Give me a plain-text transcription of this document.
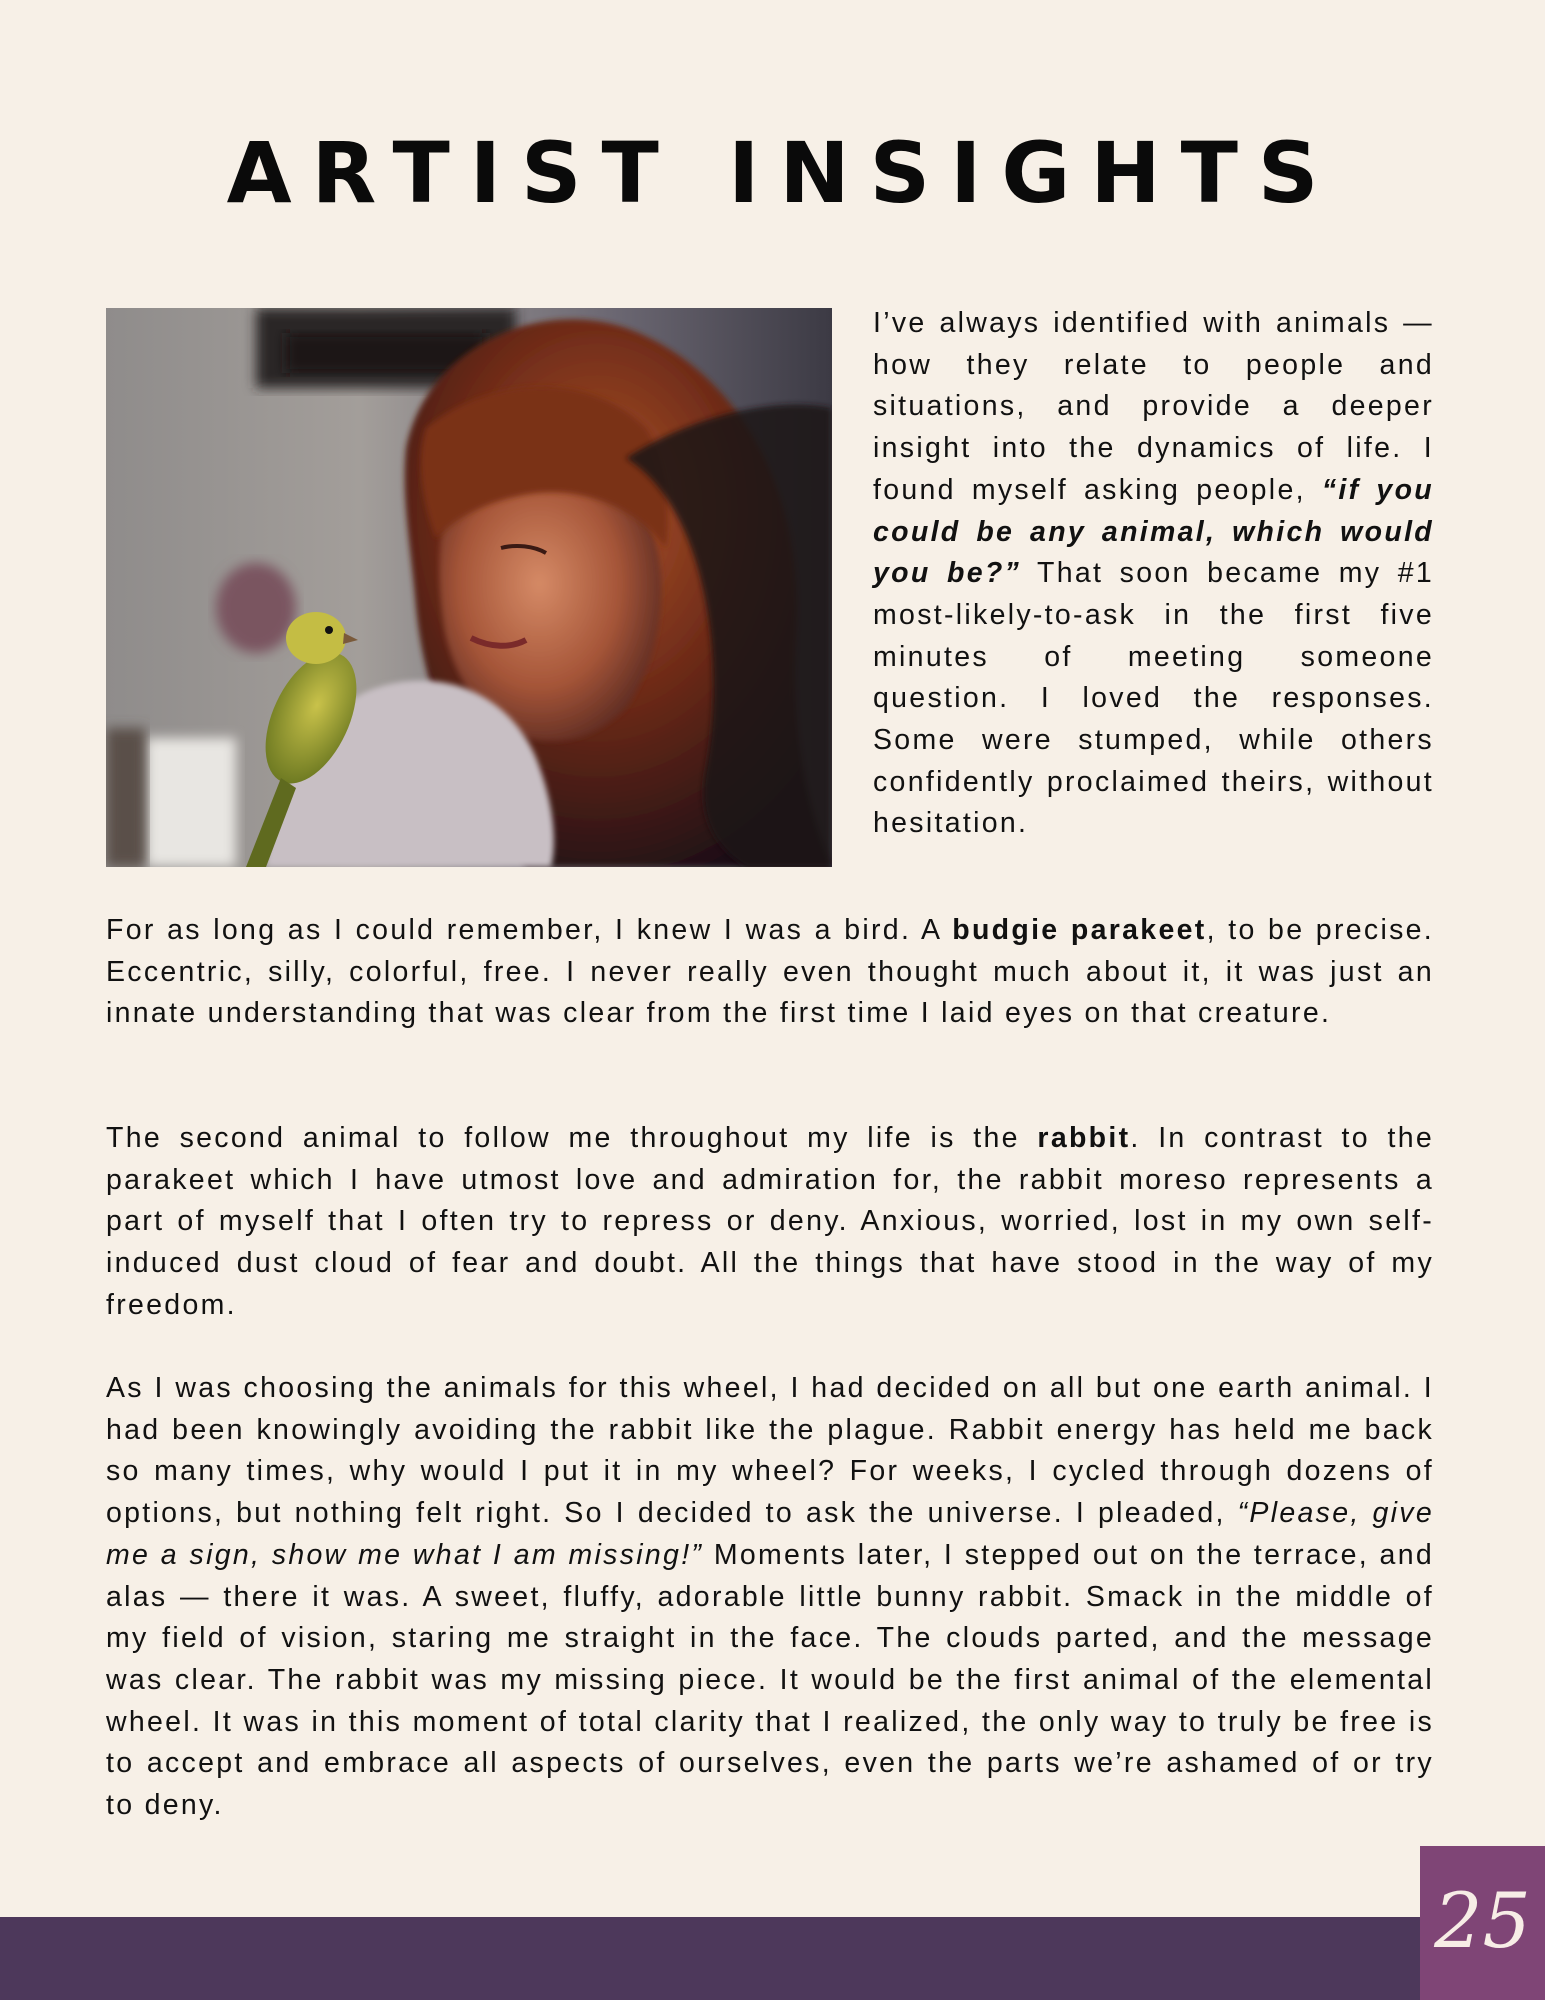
ARTIST INSIGHTS

I’ve always identified with animals — how they relate to people and situations, and provide a deeper insight into the dynamics of life. I found myself asking people, “if you could be any animal, which would you be?” That soon became my #1 most-likely-to-ask in the first five minutes of meeting someone question. I loved the responses. Some were stumped, while others confidently proclaimed theirs, without hesitation.

For as long as I could remember, I knew I was a bird. A budgie parakeet, to be precise. Eccentric, silly, colorful, free. I never really even thought much about it, it was just an innate understanding that was clear from the first time I laid eyes on that creature.

The second animal to follow me throughout my life is the rabbit. In contrast to the parakeet which I have utmost love and admiration for, the rabbit moreso represents a part of myself that I often try to repress or deny. Anxious, worried, lost in my own self-induced dust cloud of fear and doubt. All the things that have stood in the way of my freedom.

As I was choosing the animals for this wheel, I had decided on all but one earth animal. I had been knowingly avoiding the rabbit like the plague. Rabbit energy has held me back so many times, why would I put it in my wheel? For weeks, I cycled through dozens of options, but nothing felt right. So I decided to ask the universe. I pleaded, “Please, give me a sign, show me what I am missing!” Moments later, I stepped out on the terrace, and alas — there it was. A sweet, fluffy, adorable little bunny rabbit. Smack in the middle of my field of vision, staring me straight in the face. The clouds parted, and the message was clear. The rabbit was my missing piece. It would be the first animal of the elemental wheel. It was in this moment of total clarity that I realized, the only way to truly be free is to accept and embrace all aspects of ourselves, even the parts we’re ashamed of or try to deny.

25
